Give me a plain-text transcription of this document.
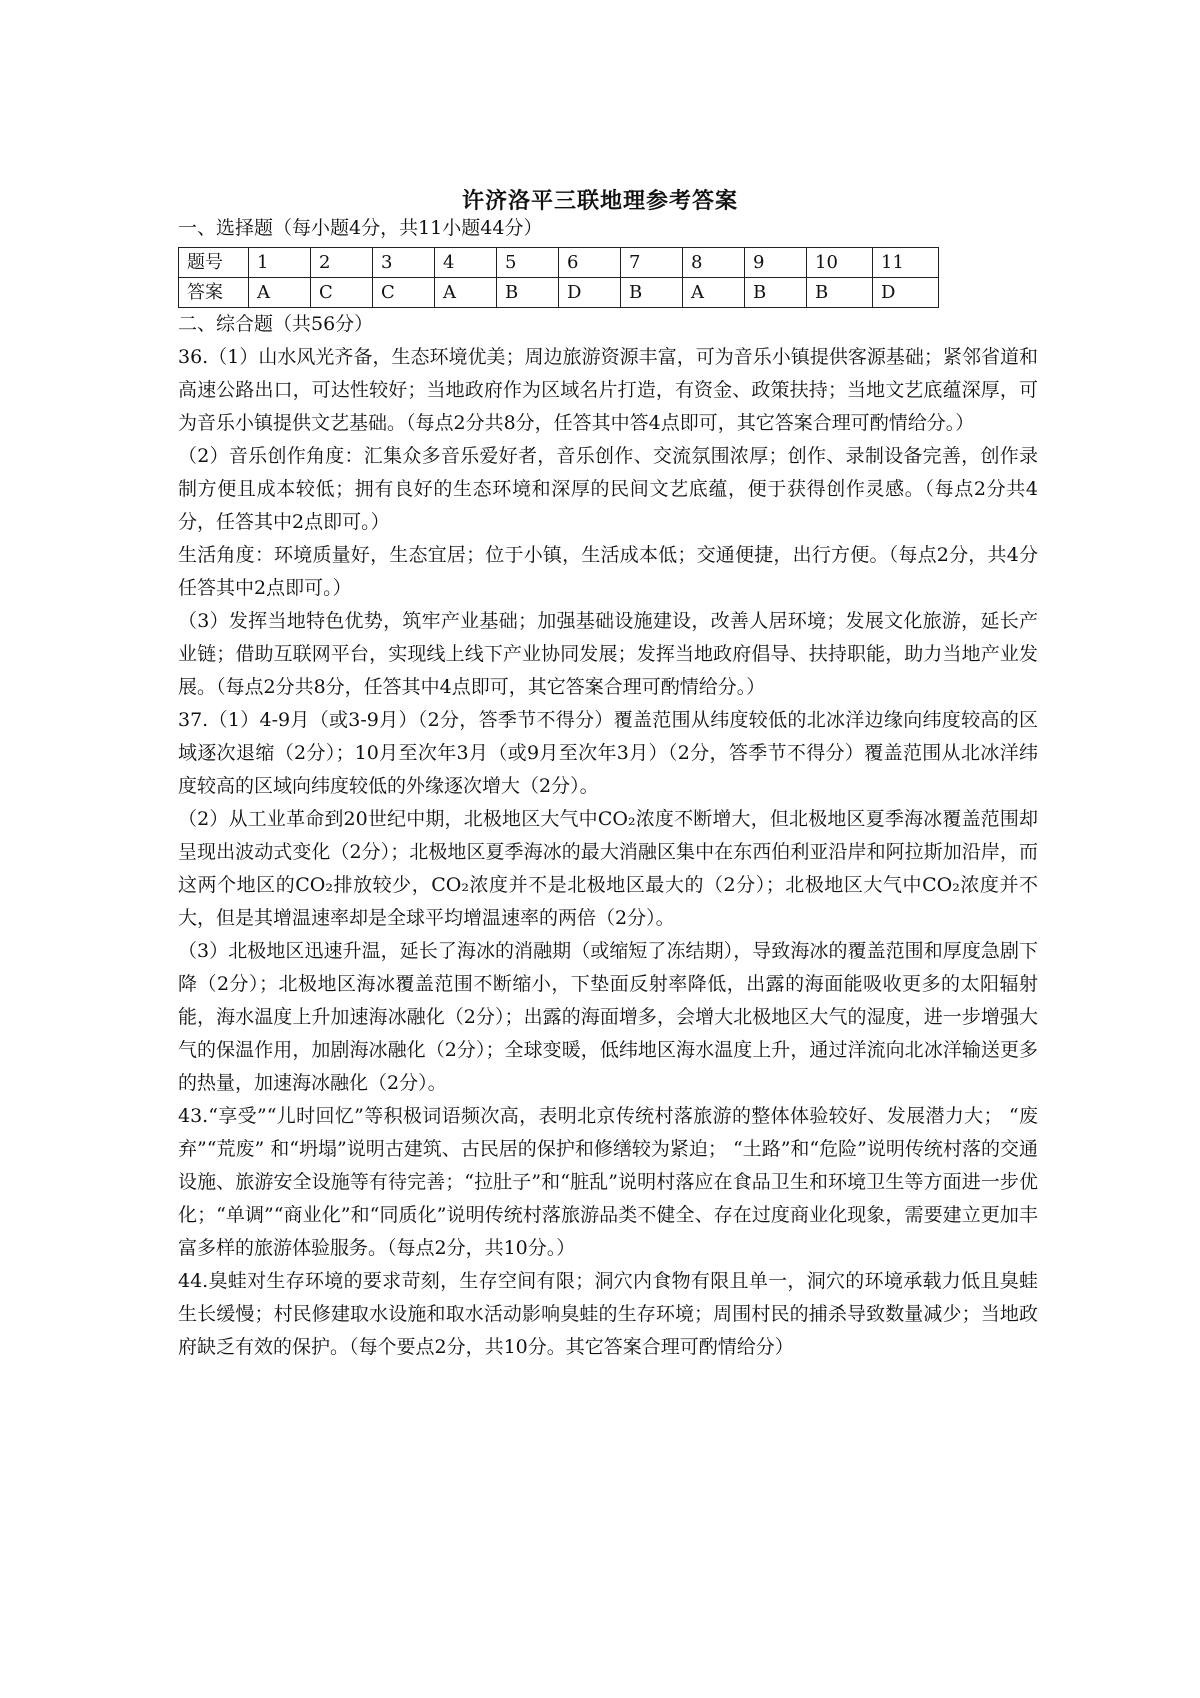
许济洛平三联地理参考答案

一、选择题（每小题4分，共11小题44分）

题号	1	2	3	4	5	6	7	8	9	10	11
答案	A	C	C	A	B	D	B	A	B	B	D

二、综合题（共56分）

36.（1）山水风光齐备，生态环境优美；周边旅游资源丰富，可为音乐小镇提供客源基础；紧邻省道和高速公路出口，可达性较好；当地政府作为区域名片打造，有资金、政策扶持；当地文艺底蕴深厚，可为音乐小镇提供文艺基础。（每点2分共8分，任答其中答4点即可，其它答案合理可酌情给分。）

（2）音乐创作角度：汇集众多音乐爱好者，音乐创作、交流氛围浓厚；创作、录制设备完善，创作录制方便且成本较低；拥有良好的生态环境和深厚的民间文艺底蕴，便于获得创作灵感。（每点2分共4分，任答其中2点即可。）

生活角度：环境质量好，生态宜居；位于小镇，生活成本低；交通便捷，出行方便。（每点2分，共4分任答其中2点即可。）

（3）发挥当地特色优势，筑牢产业基础；加强基础设施建设，改善人居环境；发展文化旅游，延长产业链；借助互联网平台，实现线上线下产业协同发展；发挥当地政府倡导、扶持职能，助力当地产业发展。（每点2分共8分，任答其中4点即可，其它答案合理可酌情给分。）

37.（1）4-9月（或3-9月）（2分，答季节不得分）覆盖范围从纬度较低的北冰洋边缘向纬度较高的区域逐次退缩（2分）；10月至次年3月（或9月至次年3月）（2分，答季节不得分）覆盖范围从北冰洋纬度较高的区域向纬度较低的外缘逐次增大（2分）。

（2）从工业革命到20世纪中期，北极地区大气中CO₂浓度不断增大，但北极地区夏季海冰覆盖范围却呈现出波动式变化（2分）；北极地区夏季海冰的最大消融区集中在东西伯利亚沿岸和阿拉斯加沿岸，而这两个地区的CO₂排放较少，CO₂浓度并不是北极地区最大的（2分）；北极地区大气中CO₂浓度并不大，但是其增温速率却是全球平均增温速率的两倍（2分）。

（3）北极地区迅速升温，延长了海冰的消融期（或缩短了冻结期），导致海冰的覆盖范围和厚度急剧下降（2分）；北极地区海冰覆盖范围不断缩小，下垫面反射率降低，出露的海面能吸收更多的太阳辐射能，海水温度上升加速海冰融化（2分）；出露的海面增多，会增大北极地区大气的湿度，进一步增强大气的保温作用，加剧海冰融化（2分）；全球变暖，低纬地区海水温度上升，通过洋流向北冰洋输送更多的热量，加速海冰融化（2分）。

43.“享受”“儿时回忆”等积极词语频次高，表明北京传统村落旅游的整体体验较好、发展潜力大； “废弃”“荒废” 和“坍塌”说明古建筑、古民居的保护和修缮较为紧迫； “土路”和“危险”说明传统村落的交通设施、旅游安全设施等有待完善；“拉肚子”和“脏乱”说明村落应在食品卫生和环境卫生等方面进一步优化；“单调”“商业化”和“同质化”说明传统村落旅游品类不健全、存在过度商业化现象，需要建立更加丰富多样的旅游体验服务。（每点2分，共10分。）

44.臭蛙对生存环境的要求苛刻，生存空间有限；洞穴内食物有限且单一，洞穴的环境承载力低且臭蛙生长缓慢；村民修建取水设施和取水活动影响臭蛙的生存环境；周围村民的捕杀导致数量减少；当地政府缺乏有效的保护。（每个要点2分，共10分。其它答案合理可酌情给分）
